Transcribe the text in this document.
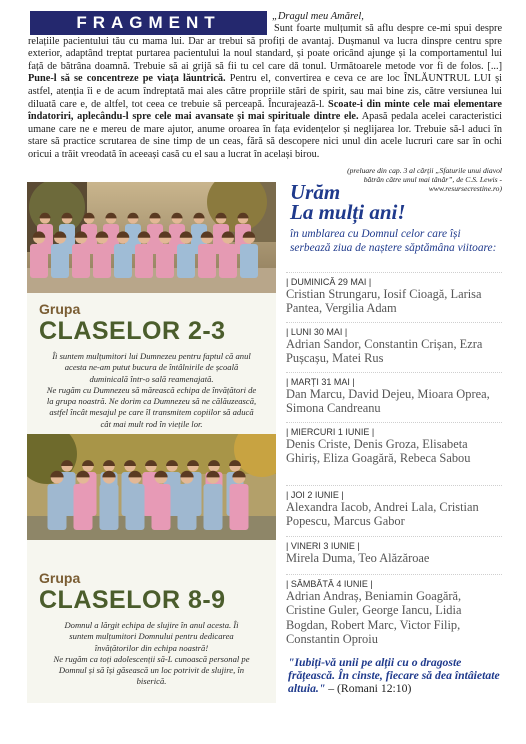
FRAGMENT	„Dragul meu Amărel,
Sunt foarte mulțumit să aflu despre ce-mi spui despre relațiile pacientului tău cu mama lui. Dar ar trebui să profiți de avantaj. Dușmanul va lucra dinspre centru spre exterior, adaptând treptat purtarea pacientului la noul standard, și poate oricând ajunge și la comportamentul lui față de bătrâna doamnă. Trebuie să ai grijă să fii tu cel care dă tonul. Următoarele metode vor fi de folos. [...] Pune-l să se concentreze pe viața lăuntrică. Pentru el, convertirea e ceva ce are loc ÎNLĂUNTRUL LUI și astfel, atenția îi e de acum îndreptată mai ales către propriile stări de spirit, sau mai bine zis, către versiunea lui diluată care e, de altfel, tot ceea ce trebuie să perceapă. Încurajează-l. Scoate-i din minte cele mai elementare îndatoriri, aplecându-l spre cele mai avansate și mai spirituale dintre ele. Apasă pedala acelei caracteristici umane care ne e mereu de mare ajutor, anume oroarea în fața evidențelor și neglijarea lor. Trebuie să-l aduci în stare să practice scrutarea de sine timp de un ceas, fără să descopere nici unul din acele lucruri care sar în ochi oricui a trăit vreodată în aceeași casă cu el sau a lucrat în același birou.
(preluare din cap. 3 al cărții „Sfaturile unui diavol
bătrân către unul mai tânăr”, de C.S. Lewis -
www.resursecrestine.ro)
Grupa
CLASELOR 2-3
Îi suntem mulțumitori lui Dumnezeu pentru faptul că anul
acesta ne-am putut bucura de întâlnirile de școală
duminicală într-o sală reamenajată.
Ne rugăm cu Dumnezeu să mărească echipa de învățători de
la grupa noastră. Ne dorim ca Dumnezeu să ne călăuzească,
astfel încât mesajul pe care îl transmitem copiilor să aducă
cât mai mult rod în viețile lor.
Grupa
CLASELOR 8-9
Domnul a lărgit echipa de slujire în anul acesta. Îi
suntem mulțumitori Domnului pentru dedicarea
învățătorilor din echipa noastră!
Ne rugăm ca toți adolescenții să-L cunoască personal pe
Domnul și să își găsească un loc potrivit de slujire, în
biserică.
Urăm
La mulți ani!
în umblarea cu Domnul celor care își serbează ziua de naștere săptămâna viitoare:
| DUMINICĂ 29 MAI |
Cristian Strungaru, Iosif Cioagă, Larisa Pantea, Vergilia Adam
| LUNI 30 MAI |
Adrian Sandor, Constantin Crișan, Ezra Pușcașu, Matei Rus
| MARȚI 31 MAI |
Dan Marcu, David Dejeu, Mioara Oprea, Simona Candreanu
| MIERCURI 1 IUNIE |
Denis Criste, Denis Groza, Elisabeta Ghiriș, Eliza Goagără, Rebeca Sabou
| JOI 2 IUNIE |
Alexandra Iacob, Andrei Lala, Cristian Popescu, Marcus Gabor
| VINERI 3 IUNIE |
Mirela Duma, Teo Alăzăroae
| SÂMBĂTĂ 4 IUNIE |
Adrian Andraș, Beniamin Goagără, Cristine Guler, George Iancu, Lidia Bogdan, Robert Marc, Victor Filip, Constantin Oproiu
"Iubiți-vă unii pe alții cu o dragoste frățească. În cinste, fiecare să dea întâietate altuia." – (Romani 12:10)
